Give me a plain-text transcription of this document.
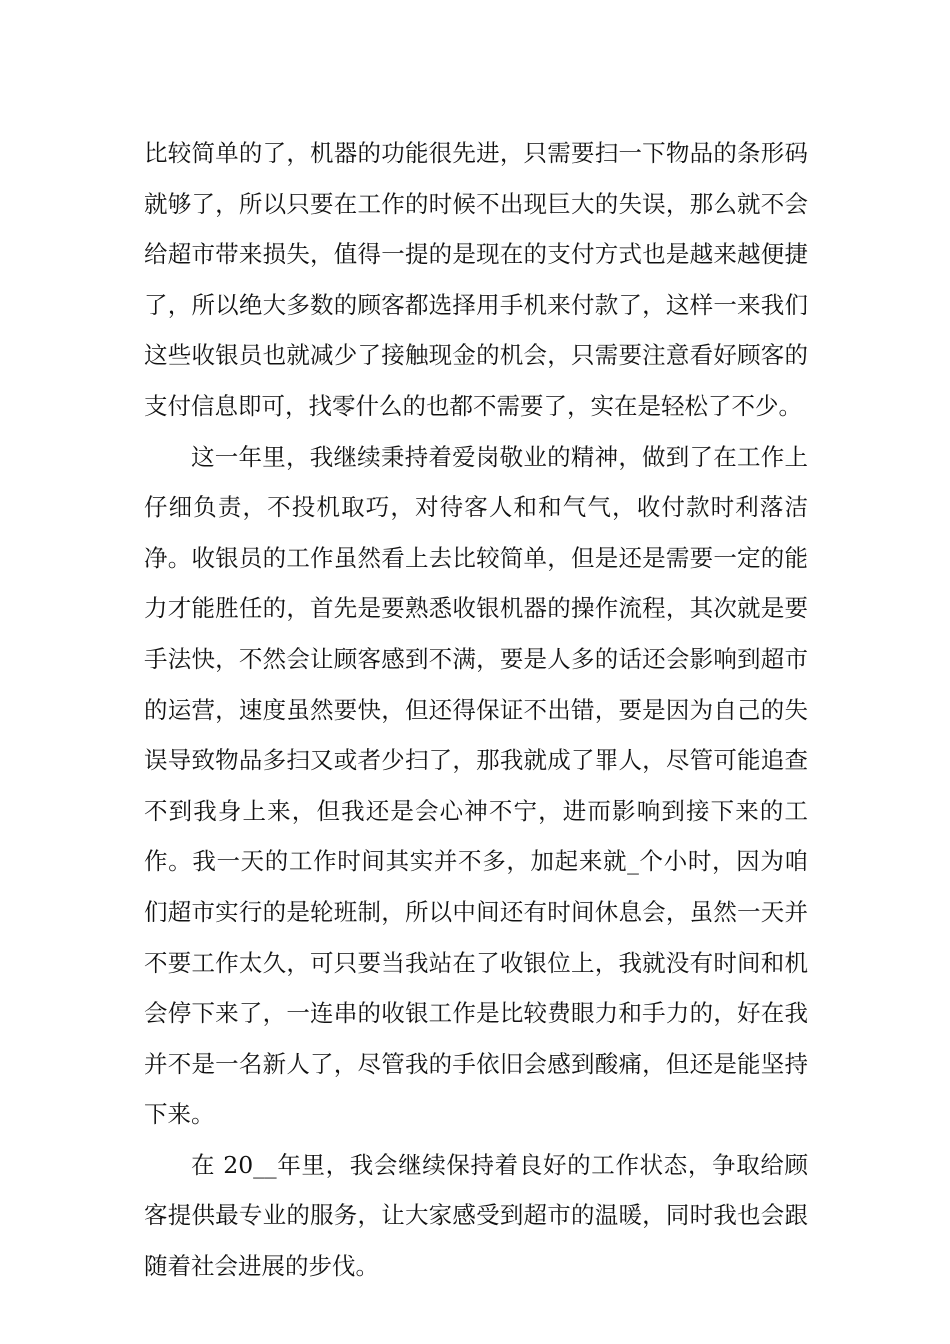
比较简单的了，机器的功能很先进，只需要扫一下物品的条形码就够了，所以只要在工作的时候不出现巨大的失误，那么就不会给超市带来损失，值得一提的是现在的支付方式也是越来越便捷了，所以绝大多数的顾客都选择用手机来付款了，这样一来我们这些收银员也就减少了接触现金的机会，只需要注意看好顾客的支付信息即可，找零什么的也都不需要了，实在是轻松了不少。

这一年里，我继续秉持着爱岗敬业的精神，做到了在工作上仔细负责，不投机取巧，对待客人和和气气，收付款时利落洁净。收银员的工作虽然看上去比较简单，但是还是需要一定的能力才能胜任的，首先是要熟悉收银机器的操作流程，其次就是要手法快，不然会让顾客感到不满，要是人多的话还会影响到超市的运营，速度虽然要快，但还得保证不出错，要是因为自己的失误导致物品多扫又或者少扫了，那我就成了罪人，尽管可能追查不到我身上来，但我还是会心神不宁，进而影响到接下来的工作。我一天的工作时间其实并不多，加起来就_个小时，因为咱们超市实行的是轮班制，所以中间还有时间休息会，虽然一天并不要工作太久，可只要当我站在了收银位上，我就没有时间和机会停下来了，一连串的收银工作是比较费眼力和手力的，好在我并不是一名新人了，尽管我的手依旧会感到酸痛，但还是能坚持下来。

在 20__年里，我会继续保持着良好的工作状态，争取给顾客提供最专业的服务，让大家感受到超市的温暖，同时我也会跟随着社会进展的步伐。
